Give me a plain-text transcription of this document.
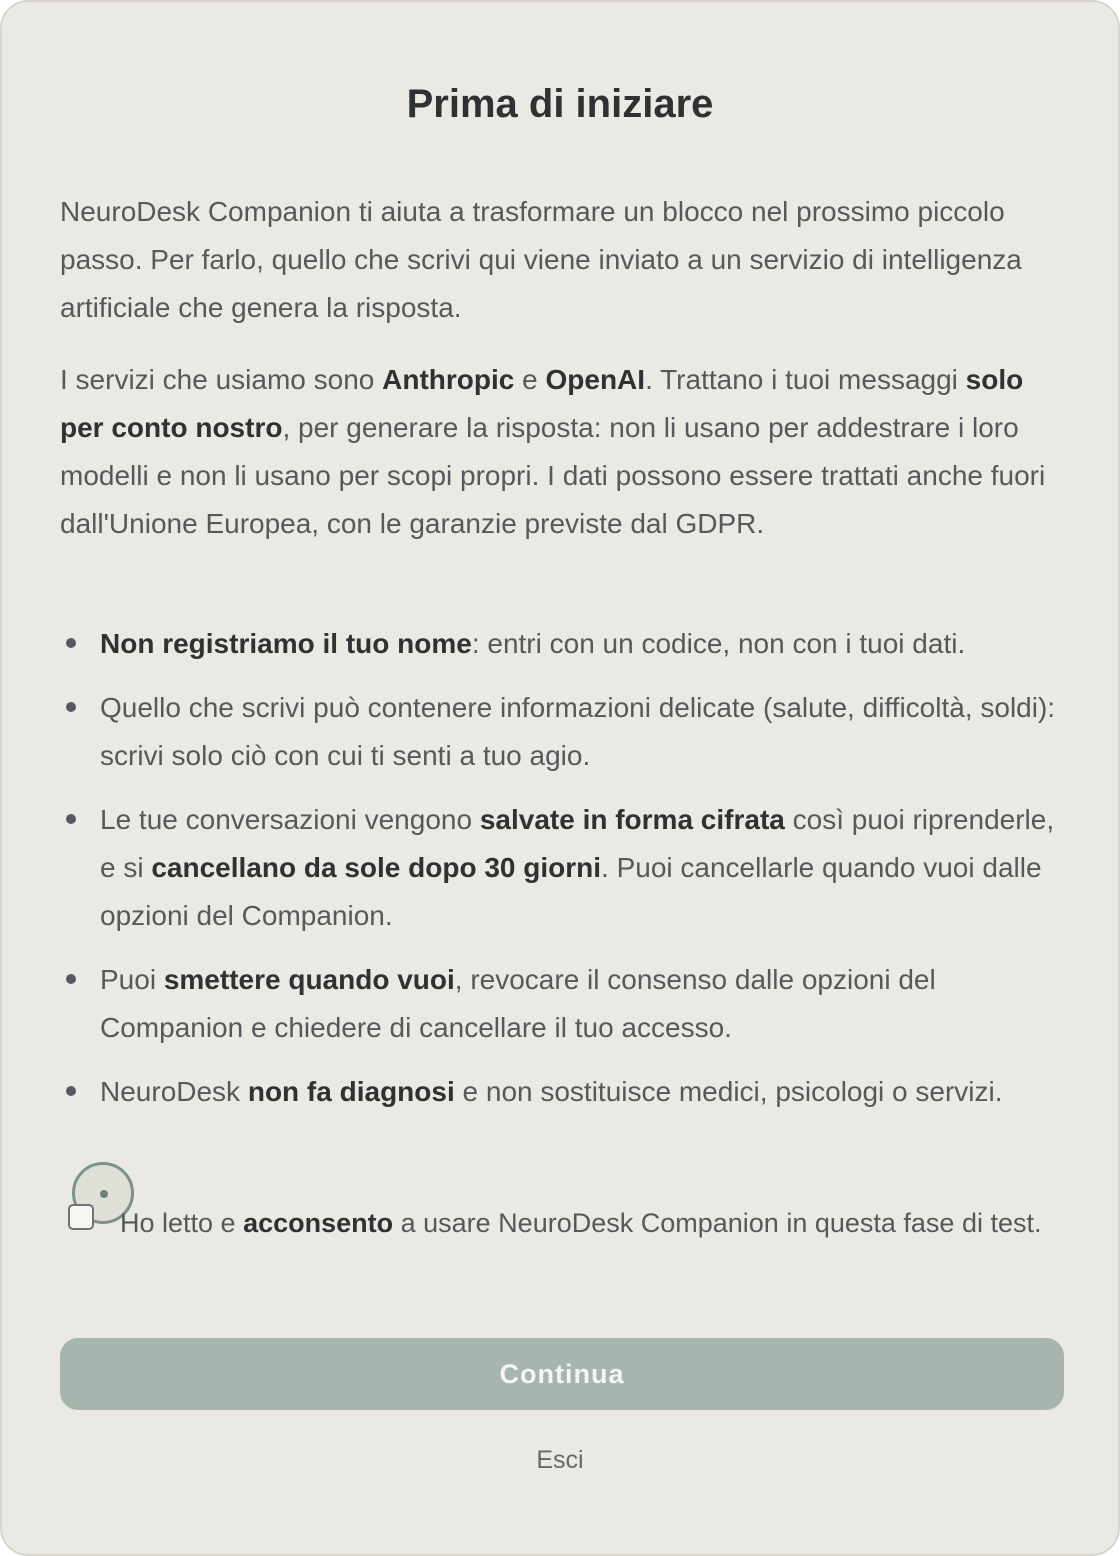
Prima di iniziare

NeuroDesk Companion ti aiuta a trasformare un blocco nel prossimo piccolo passo. Per farlo, quello che scrivi qui viene inviato a un servizio di intelligenza artificiale che genera la risposta.

I servizi che usiamo sono Anthropic e OpenAI. Trattano i tuoi messaggi solo per conto nostro, per generare la risposta: non li usano per addestrare i loro modelli e non li usano per scopi propri. I dati possono essere trattati anche fuori dall'Unione Europea, con le garanzie previste dal GDPR.

Non registriamo il tuo nome: entri con un codice, non con i tuoi dati.

Quello che scrivi può contenere informazioni delicate (salute, difficoltà, soldi): scrivi solo ciò con cui ti senti a tuo agio.

Le tue conversazioni vengono salvate in forma cifrata così puoi riprenderle, e si cancellano da sole dopo 30 giorni. Puoi cancellarle quando vuoi dalle opzioni del Companion.

Puoi smettere quando vuoi, revocare il consenso dalle opzioni del Companion e chiedere di cancellare il tuo accesso.

NeuroDesk non fa diagnosi e non sostituisce medici, psicologi o servizi.

Ho letto e acconsento a usare NeuroDesk Companion in questa fase di test.

Continua
Esci
